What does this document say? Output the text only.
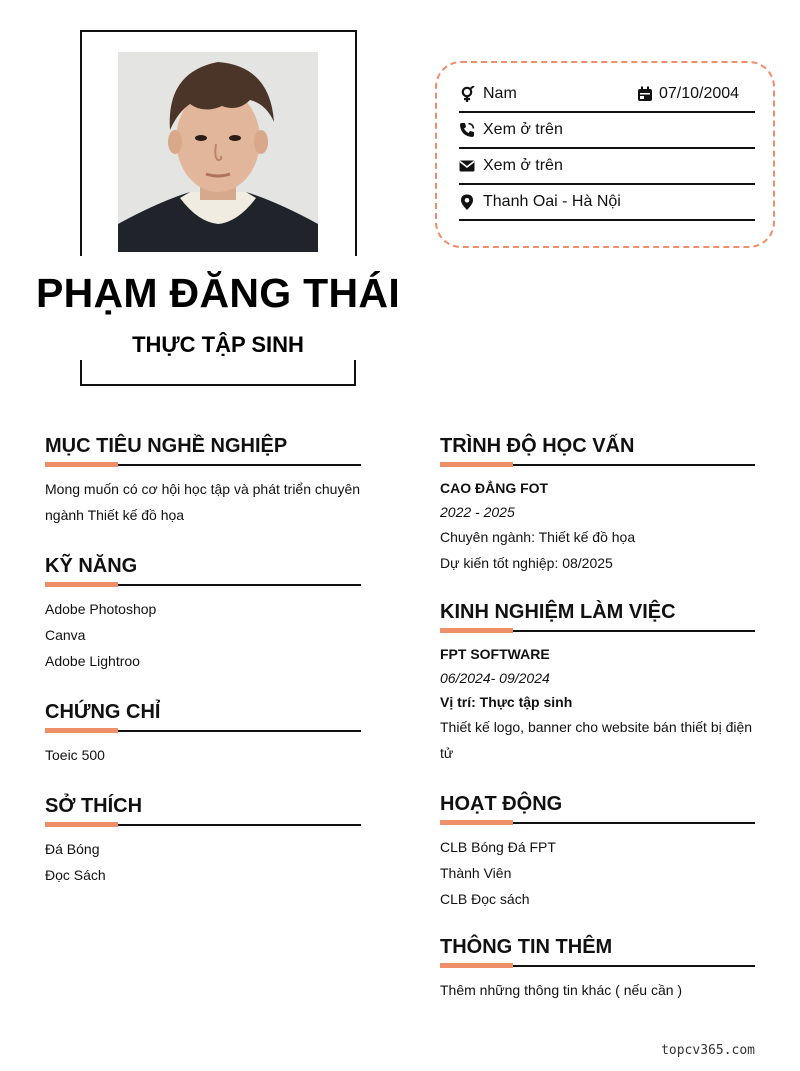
PHẠM ĐĂNG THÁI
THỰC TẬP SINH
Nam	07/10/2004
Xem ở trên
Xem ở trên
Thanh Oai - Hà Nội
MỤC TIÊU NGHỀ NGHIỆP
Mong muốn có cơ hội học tập và phát triển chuyên
ngành Thiết kế đồ họa
KỸ NĂNG
Adobe Photoshop
Canva
Adobe Lightroo
CHỨNG CHỈ
Toeic 500
SỞ THÍCH
Đá Bóng
Đọc Sách
TRÌNH ĐỘ HỌC VẤN
CAO ĐẲNG FOT
2022 - 2025
Chuyên ngành: Thiết kế đồ họa
Dự kiến tốt nghiệp: 08/2025
KINH NGHIỆM LÀM VIỆC
FPT SOFTWARE
06/2024- 09/2024
Vị trí: Thực tập sinh
Thiết kế logo, banner cho website bán thiết bị điện
tử
HOẠT ĐỘNG
CLB Bóng Đá FPT
Thành Viên
CLB Đọc sách
THÔNG TIN THÊM
Thêm những thông tin khác ( nếu cần )
topcv365.com
